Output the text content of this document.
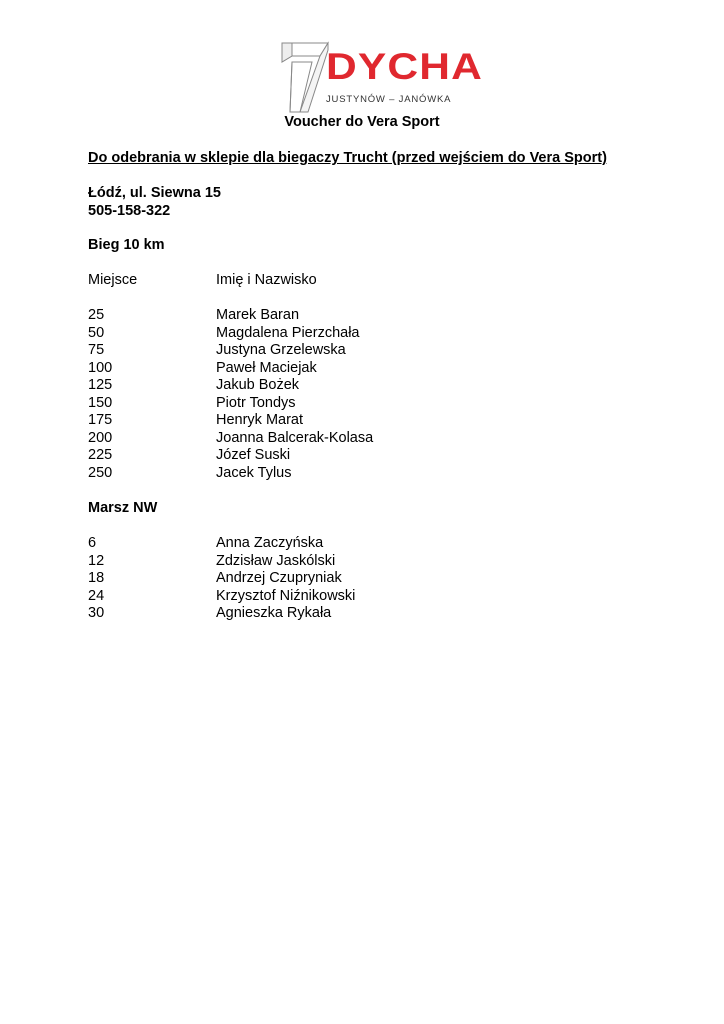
DYCHA
JUSTYNÓW – JANÓWKA
Voucher do Vera Sport
Do odebrania w sklepie dla biegaczy Trucht (przed wejściem do Vera Sport)
Łódź, ul. Siewna 15
505-158-322
Bieg 10 km
Miejsce	Imię i Nazwisko
25	Marek Baran
50	Magdalena Pierzchała
75	Justyna Grzelewska
100	Paweł Maciejak
125	Jakub Bożek
150	Piotr Tondys
175	Henryk Marat
200	Joanna Balcerak-Kolasa
225	Józef Suski
250	Jacek Tylus
Marsz NW
6	Anna Zaczyńska
12	Zdzisław Jaskólski
18	Andrzej Czupryniak
24	Krzysztof Niźnikowski
30	Agnieszka Rykała
